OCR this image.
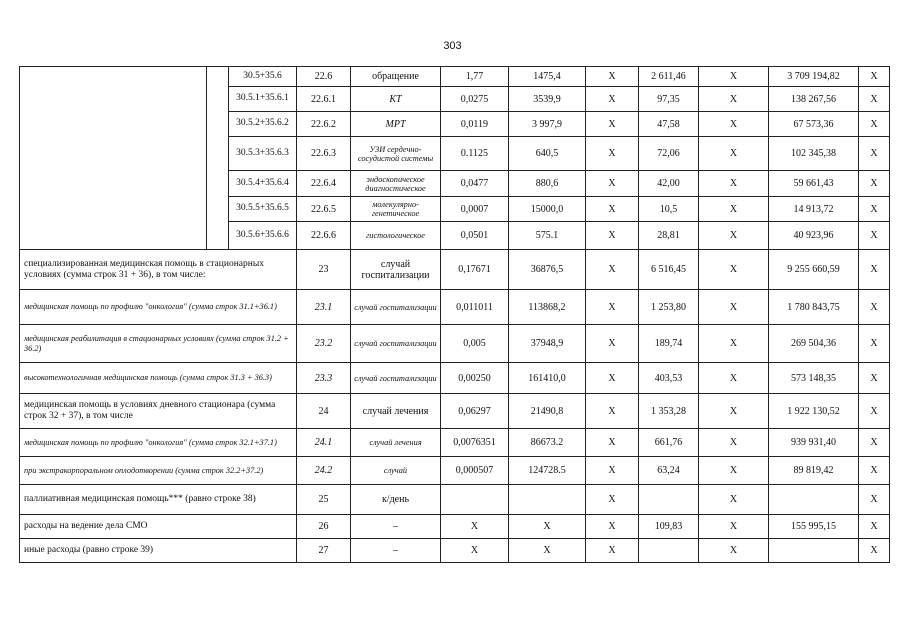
303
		30.5+35.6	22.6	обращение	1,77	1475,4	X	2 611,46	X	3 709 194,82	X
		30.5.1+35.6.1	22.6.1	КТ	0,0275	3539,9	X	97,35	X	138 267,56	X
		30.5.2+35.6.2	22.6.2	МРТ	0,0119	3 997,9	X	47,58	X	67 573,36	X
		30.5.3+35.6.3	22.6.3	УЗИ сердечно-сосудистой системы	0.1125	640,5	X	72,06	X	102 345,38	X
		30.5.4+35.6.4	22.6.4	эндоскопическое диагностическое	0,0477	880,6	X	42,00	X	59 661,43	X
		30.5.5+35.6.5	22.6.5	молекулярно-генетическое	0,0007	15000,0	X	10,5	X	14 913,72	X
		30.5.6+35.6.6	22.6.6	гистологическое	0,0501	575.1	X	28,81	X	40 923,96	X
специализированная медицинская помощь в стационарных условиях (сумма строк 31 + 36), в том числе:			23	случай госпитализации	0,17671	36876,5	X	6 516,45	X	9 255 660,59	X
медицинская помощь по профилю "онкология" (сумма строк 31.1+36.1)			23.1	случай госпитализации	0,011011	113868,2	X	1 253,80	X	1 780 843,75	X
медицинская реабилитация в стационарных условиях (сумма строк 31.2 + 36.2)			23.2	случай госпитализации	0,005	37948,9	X	189,74	X	269 504,36	X
высокотехнологичная медицинская помощь (сумма строк 31.3 + 36.3)			23.3	случай госпитализации	0,00250	161410,0	X	403,53	X	573 148,35	X
медицинская помощь в условиях дневного стационара (сумма строк 32 + 37), в том числе			24	случай лечения	0,06297	21490,8	X	1 353,28	X	1 922 130,52	X
медицинская помощь по профилю "онкология" (сумма строк 32.1+37.1)			24.1	случай лечения	0,0076351	86673.2	X	661,76	X	939 931,40	X
при экстракорпоральном оплодотворении (сумма строк 32.2+37.2)			24.2	случай	0,000507	124728.5	X	63,24	X	89 819,42	X
паллиативная медицинская помощь*** (равно строке 38)			25	к/день			X		X		X
расходы на ведение дела СМО			26	–	X	X	X	109,83	X	155 995,15	X
иные расходы (равно строке 39)			27	–	X	X	X		X		X
